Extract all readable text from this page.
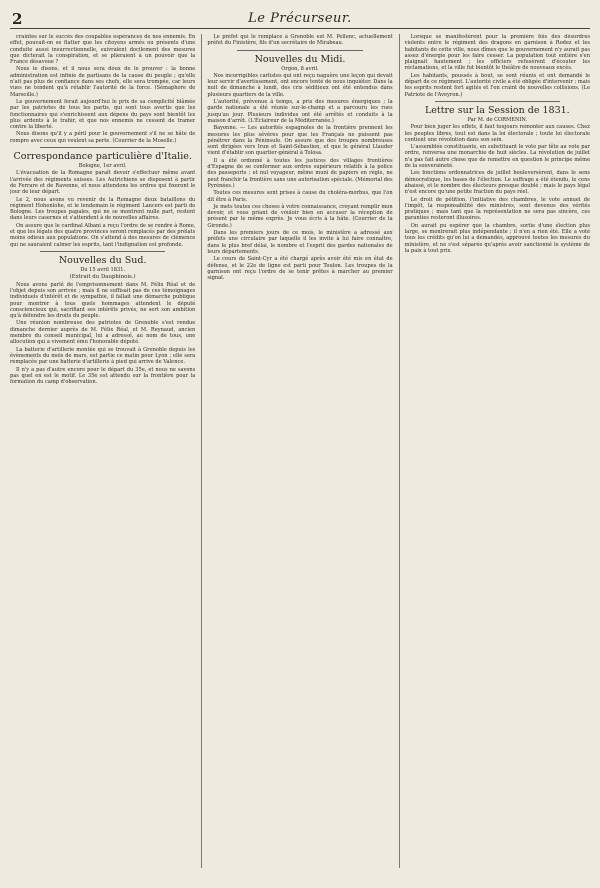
2	Le Précurseur.

craintes sur le succès des coupables espérances de nos ennemis. En effet, pouvait-on se flatter que les citoyens armés ou présents d'une conduite aussi insurrectionnelle, suivraient docilement des mesures que dicterait la conspiration, et se plieraient à un pouvoir que la France désavoue ?

Nous le disons, et il nous sera doux de le prouver : la bonne administration est infinie de partisans de la cause du peuple ; qu'elle n'ait pas plus de confiance dans ses chefs, elle sera trompée, car leurs vues ne tendent qu'à rétablir l'autorité de la force. (Sémaphore de Marseille.)

Le gouvernement ferait aujourd'hui le prix de sa complicité blâmée par les patriotes de tous les partis, qui sont tous avertis que les fonctionnaires qui s'enrichissent aux dépens du pays sont bientôt les plus ardents à le trahir, et que nos ennemis ne cessent de tramer contre la liberté.

Nous disons qu'il y a péril pour le gouvernement s'il ne se hâte de rompre avec ceux qui veulent sa perte. (Courrier de la Moselle.)

Correspondance particulière d'Italie.

Bologne, 1er avril.

L'évacuation de la Romagne paraît devoir s'effectuer même avant l'arrivée des régiments suisses. Les Autrichiens se disposent à partir de Ferrare et de Ravenne, et nous attendons les ordres qui fixeront le jour de leur départ.

Le 2, nous avons vu revenir de la Romagne deux bataillons du régiment Hohenlohe, et le lendemain le régiment Lancers est parti de Bologne. Les troupes papales, qui ne se montrent nulle part, restent dans leurs casernes et s'attendent à de nouvelles affaires.

On assure que le cardinal Albani a reçu l'ordre de se rendre à Rome, et que les légats des quatre provinces seront remplacés par des prélats moins odieux aux populations. On s'attend à des mesures de clémence qui ne sauraient calmer les esprits, tant l'indignation est profonde.

Nouvelles du Sud.

Du 15 avril 1831.

(Extrait du Dauphinois.)

Nous avons parlé de l'emprisonnement dans M. Félix Réal et de l'objet depuis son arrivée ; mais il ne suffisait pas de ces témoignages individuels d'intérêt et de sympathie, il fallait une démarche publique pour montrer à tous quels hommages attendent le député consciencieux qui, sacrifiant ses intérêts privés, ne sert son ambition qu'à défendre les droits du peuple.

Une réunion nombreuse des patriotes de Grenoble s'est rendue dimanche dernier auprès de M. Félix Réal, et M. Reynaud, ancien membre du conseil municipal, lui a adressé, au nom de tous, une allocution qui a vivement ému l'honorable député.

La batterie d'artillerie montée qui se trouvait à Grenoble depuis les évènements du mois de mars, est partie ce matin pour Lyon ; elle sera remplacée par une batterie d'artillerie à pied qui arrive de Valence.

Il n'y a pas d'autre encore pour le départ du 35e, et nous ne savons pas quel en est le motif. Le 35e est attendu sur la frontière pour la formation du camp d'observation.

Le préfet qui le remplace à Grenoble est M. Pellenc, actuellement préfet du Finistère, fils d'un secrétaire de Mirabeau.

Nouvelles du Midi.

Orgon, 8 avril.

Nos incorrigibles carlistes qui ont reçu naguère une leçon qui devait leur servir d'avertissement, ont encore tenté de nous inquiéter. Dans la nuit de dimanche à lundi, des cris séditieux ont été entendus dans plusieurs quartiers de la ville.

L'autorité, prévenue à temps, a pris des mesures énergiques ; la garde nationale a été réunie sur-le-champ et a parcouru les rues jusqu'au jour. Plusieurs individus ont été arrêtés et conduits à la maison d'arrêt. (L'Éclaireur de la Méditerranée.)

Bayonne. — Les autorités espagnoles de la frontière prennent les mesures les plus sévères pour que les Français ne puissent pas pénétrer dans la Péninsule. On assure que des troupes nombreuses sont dirigées vers Irun et Saint-Sébastien, et que le général Llauder vient d'établir son quartier-général à Tolosa.

Il a été ordonné à toutes les justices des villages frontières d'Espagne de se conformer aux ordres supérieurs relatifs à la police des passeports ; et nul voyageur, même muni de papiers en règle, ne peut franchir la frontière sans une autorisation spéciale. (Mémorial des Pyrénées.)

Toutes ces mesures sont prises à cause du choléra-morbus, que l'on dit être à Paris.

Je mets toutes ces choses à votre connaissance, croyant remplir mon devoir, et vous priant de vouloir bien en accuser la réception de présent par le même exprès. Je vous écris à la hâte. (Courrier de la Gironde.)

Dans les premiers jours de ce mois, le ministère a adressé aux préfets une circulaire par laquelle il les invite à lui faire connaître, dans le plus bref délai, le nombre et l'esprit des gardes nationales de leurs départements.

Le cours de Saint-Cyr a été chargé après avoir été mis en état de défense, et le 22e de ligne est parti pour Toulon. Les troupes de la garnison ont reçu l'ordre de se tenir prêtes à marcher au premier signal.

Lorsque se manifestèrent pour la première fois des désordres violents entre le régiment des dragons en garnison à Rodez et les habitants de cette ville, nous dîmes que le gouvernement n'y aurait pas assez d'énergie pour les faire cesser. La population tout entière s'en plaignait hautement ; les officiers refusèrent d'écouter les réclamations, et la ville fut bientôt le théâtre de nouveaux excès.

Les habitants, poussés à bout, se sont réunis et ont demandé le départ de ce régiment. L'autorité civile a été obligée d'intervenir ; mais les esprits restent fort agités et l'on craint de nouvelles collisions. (Le Patriote de l'Aveyron.)

Lettre sur la Session de 1831.

Par M. de CORMENIN.

Pour bien juger les effets, il faut toujours remonter aux causes. Chez les peuples libres, tout est dans la loi électorale ; toute loi électorale contient une révolution dans son sein.

L'assemblée constituante, en substituant le vote par tête au vote par ordre, renversa une monarchie de huit siècles. La révolution de juillet n'a pas fait autre chose que de remettre en question le principe même de la souveraineté.

Les fonctions ordonnatrices de juillet bouleversèrent, dans le sens démocratique, les bases de l'élection. Le suffrage a été étendu, le cens abaissé, et le nombre des électeurs presque doublé ; mais le pays légal n'est encore qu'une petite fraction du pays réel.

Le droit de pétition, l'initiative des chambres, le vote annuel de l'impôt, la responsabilité des ministres, sont devenus des vérités pratiques ; mais tant que la représentation ne sera pas sincère, ces garanties resteront illusoires.

On aurait pu espérer que la chambre, sortie d'une élection plus large, se montrerait plus indépendante ; il n'en a rien été. Elle a voté tous les crédits qu'on lui a demandés, approuvé toutes les mesures du ministère, et ne s'est séparée qu'après avoir sanctionné le système de la paix à tout prix.
